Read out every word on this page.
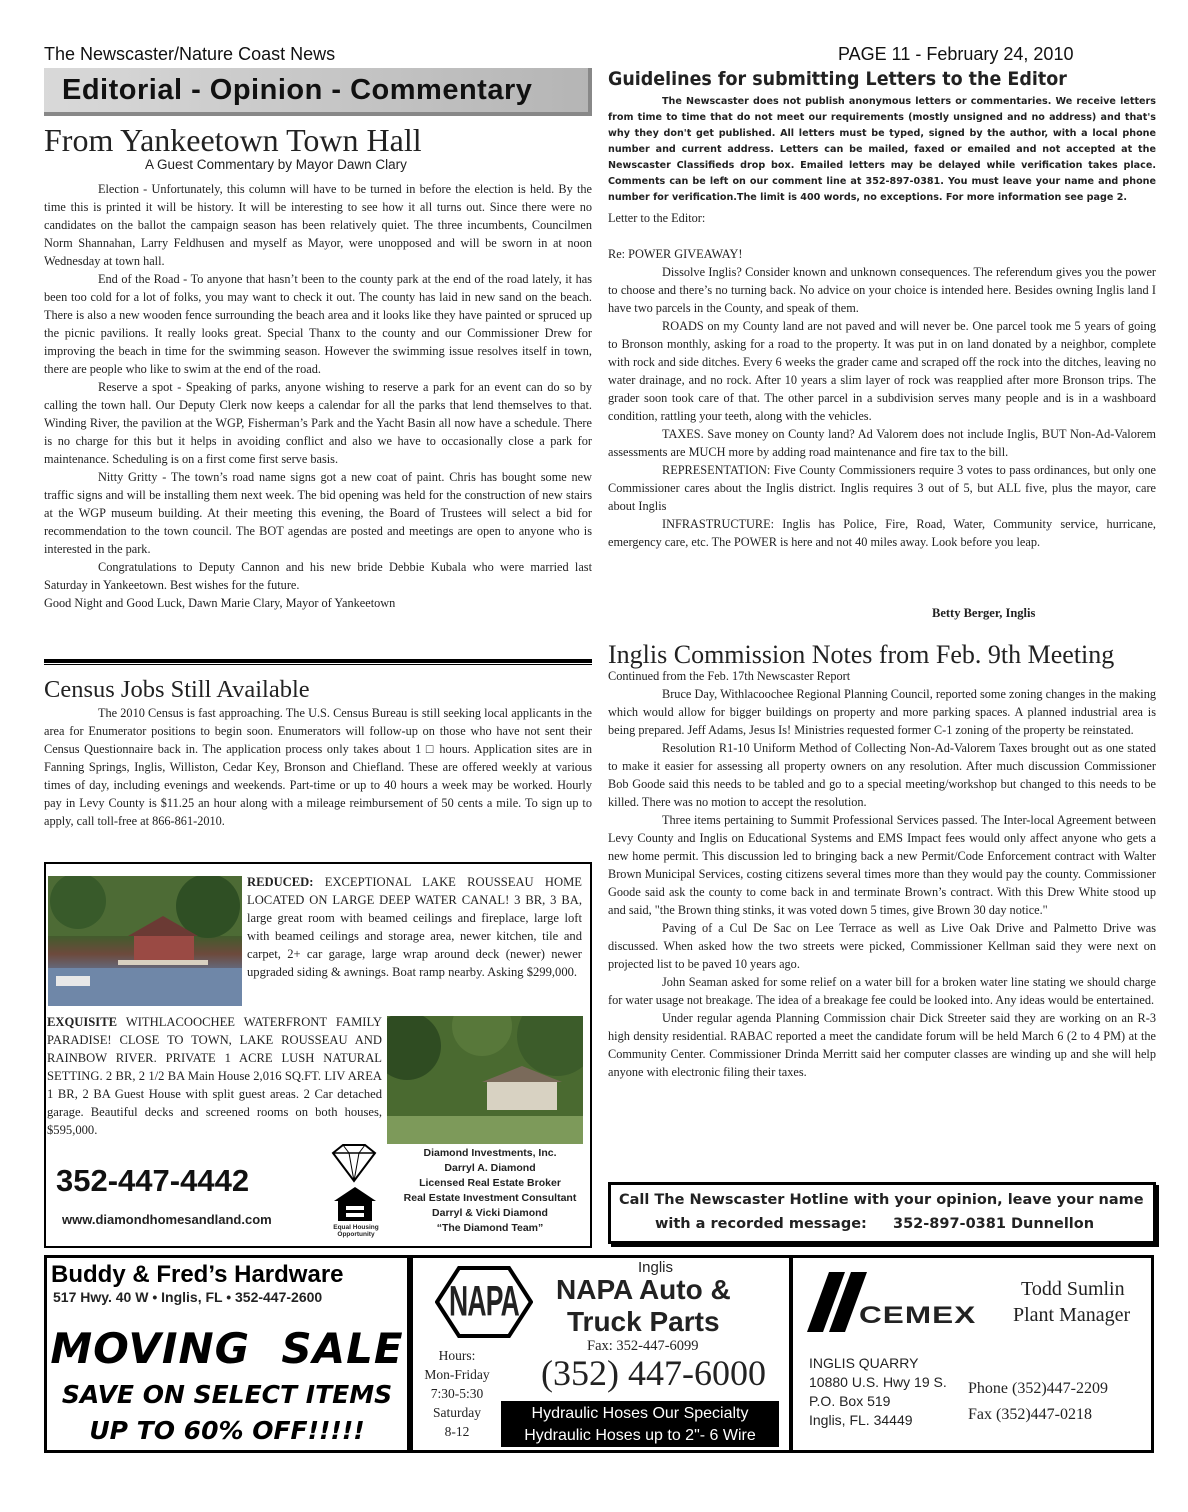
The Newscaster/Nature Coast News	PAGE 11 - February 24, 2010
Editorial - Opinion - Commentary
From Yankeetown Town Hall
A Guest Commentary by Mayor Dawn Clary

Election - Unfortunately, this column will have to be turned in before the election is held. By the time this is printed it will be history. It will be interesting to see how it all turns out. Since there were no candidates on the ballot the campaign season has been relatively quiet. The three incumbents, Councilmen Norm Shannahan, Larry Feldhusen and myself as Mayor, were unopposed and will be sworn in at noon Wednesday at town hall.

End of the Road - To anyone that hasn’t been to the county park at the end of the road lately, it has been too cold for a lot of folks, you may want to check it out. The county has laid in new sand on the beach. There is also a new wooden fence surrounding the beach area and it looks like they have painted or spruced up the picnic pavilions. It really looks great. Special Thanx to the county and our Commissioner Drew for improving the beach in time for the swimming season. However the swimming issue resolves itself in town, there are people who like to swim at the end of the road.

Reserve a spot - Speaking of parks, anyone wishing to reserve a park for an event can do so by calling the town hall. Our Deputy Clerk now keeps a calendar for all the parks that lend themselves to that. Winding River, the pavilion at the WGP, Fisherman’s Park and the Yacht Basin all now have a schedule. There is no charge for this but it helps in avoiding conflict and also we have to occasionally close a park for maintenance. Scheduling is on a first come first serve basis.

Nitty Gritty - The town’s road name signs got a new coat of paint. Chris has bought some new traffic signs and will be installing them next week. The bid opening was held for the construction of new stairs at the WGP museum building. At their meeting this evening, the Board of Trustees will select a bid for recommendation to the town council. The BOT agendas are posted and meetings are open to anyone who is interested in the park.

Congratulations to Deputy Cannon and his new bride Debbie Kubala who were married last Saturday in Yankeetown. Best wishes for the future.

Good Night and Good Luck, Dawn Marie Clary, Mayor of Yankeetown

Census Jobs Still Available

The 2010 Census is fast approaching. The U.S. Census Bureau is still seeking local applicants in the area for Enumerator positions to begin soon. Enumerators will follow-up on those who have not sent their Census Questionnaire back in. The application process only takes about 1 □ hours. Application sites are in Fanning Springs, Inglis, Williston, Cedar Key, Bronson and Chiefland. These are offered weekly at various times of day, including evenings and weekends. Part-time or up to 40 hours a week may be worked. Hourly pay in Levy County is $11.25 an hour along with a mileage reimbursement of 50 cents a mile. To sign up to apply, call toll-free at 866-861-2010.

REDUCED: EXCEPTIONAL LAKE ROUSSEAU HOME LOCATED ON LARGE DEEP WATER CANAL! 3 BR, 3 BA, large great room with beamed ceilings and fireplace, large loft with beamed ceilings and storage area, newer kitchen, tile and carpet, 2+ car garage, large wrap around deck (newer) newer upgraded siding & awnings. Boat ramp nearby. Asking $299,000.

EXQUISITE WITHLACOOCHEE WATERFRONT FAMILY PARADISE! CLOSE TO TOWN, LAKE ROUSSEAU AND RAINBOW RIVER. PRIVATE 1 ACRE LUSH NATURAL SETTING. 2 BR, 2 1/2 BA Main House 2,016 SQ.FT. LIV AREA 1 BR, 2 BA Guest House with split guest areas. 2 Car detached garage. Beautiful decks and screened rooms on both houses, $595,000.

352-447-4442
www.diamondhomesandland.com
Equal Housing Opportunity
Diamond Investments, Inc.
Darryl A. Diamond
Licensed Real Estate Broker
Real Estate Investment Consultant
Darryl & Vicki Diamond
“The Diamond Team”
Guidelines for submitting Letters to the Editor

The Newscaster does not publish anonymous letters or commentaries. We receive letters from time to time that do not meet our requirements (mostly unsigned and no address) and that's why they don't get published. All letters must be typed, signed by the author, with a local phone number and current address. Letters can be mailed, faxed or emailed and not accepted at the Newscaster Classifieds drop box. Emailed letters may be delayed while verification takes place. Comments can be left on our comment line at 352-897-0381. You must leave your name and phone number for verification.The limit is 400 words, no exceptions. For more information see page 2.

Letter to the Editor:

Re: POWER GIVEAWAY!

Dissolve Inglis? Consider known and unknown consequences. The referendum gives you the power to choose and there’s no turning back. No advice on your choice is intended here. Besides owning Inglis land I have two parcels in the County, and speak of them.

ROADS on my County land are not paved and will never be. One parcel took me 5 years of going to Bronson monthly, asking for a road to the property. It was put in on land donated by a neighbor, complete with rock and side ditches. Every 6 weeks the grader came and scraped off the rock into the ditches, leaving no water drainage, and no rock. After 10 years a slim layer of rock was reapplied after more Bronson trips. The grader soon took care of that. The other parcel in a subdivision serves many people and is in a washboard condition, rattling your teeth, along with the vehicles.

TAXES. Save money on County land? Ad Valorem does not include Inglis, BUT Non-Ad-Valorem assessments are MUCH more by adding road maintenance and fire tax to the bill.

REPRESENTATION: Five County Commissioners require 3 votes to pass ordinances, but only one Commissioner cares about the Inglis district. Inglis requires 3 out of 5, but ALL five, plus the mayor, care about Inglis

INFRASTRUCTURE: Inglis has Police, Fire, Road, Water, Community service, hurricane, emergency care, etc. The POWER is here and not 40 miles away. Look before you leap.

Betty Berger, Inglis
Inglis Commission Notes from Feb. 9th Meeting
Continued from the Feb. 17th Newscaster Report

Bruce Day, Withlacoochee Regional Planning Council, reported some zoning changes in the making which would allow for bigger buildings on property and more parking spaces. A planned industrial area is being prepared. Jeff Adams, Jesus Is! Ministries requested former C-1 zoning of the property be reinstated.

Resolution R1-10 Uniform Method of Collecting Non-Ad-Valorem Taxes brought out as one stated to make it easier for assessing all property owners on any resolution. After much discussion Commissioner Bob Goode said this needs to be tabled and go to a special meeting/workshop but changed to this needs to be killed. There was no motion to accept the resolution.

Three items pertaining to Summit Professional Services passed. The Inter-local Agreement between Levy County and Inglis on Educational Systems and EMS Impact fees would only affect anyone who gets a new home permit. This discussion led to bringing back a new Permit/Code Enforcement contract with Walter Brown Municipal Services, costing citizens several times more than they would pay the county. Commissioner Goode said ask the county to come back in and terminate Brown’s contract. With this Drew White stood up and said, "the Brown thing stinks, it was voted down 5 times, give Brown 30 day notice."

Paving of a Cul De Sac on Lee Terrace as well as Live Oak Drive and Palmetto Drive was discussed. When asked how the two streets were picked, Commissioner Kellman said they were next on projected list to be paved 10 years ago.

John Seaman asked for some relief on a water bill for a broken water line stating we should charge for water usage not breakage. The idea of a breakage fee could be looked into. Any ideas would be entertained.

Under regular agenda Planning Commission chair Dick Streeter said they are working on an R-3 high density residential. RABAC reported a meet the candidate forum will be held March 6 (2 to 4 PM) at the Community Center. Commissioner Drinda Merritt said her computer classes are winding up and she will help anyone with electronic filing their taxes.

Call The Newscaster Hotline with your opinion, leave your name
with a recorded message: 352-897-0381 Dunnellon
Buddy & Fred’s Hardware
517 Hwy. 40 W • Inglis, FL • 352-447-2600
MOVING  SALE
SAVE ON SELECT ITEMS
UP TO 60% OFF!!!!!
NAPA
Inglis
NAPA Auto &
Truck Parts
Fax: 352-447-6099
(352) 447-6000
Hours:
Mon-Friday
7:30-5:30
Saturday
8-12
Hydraulic Hoses Our Specialty
Hydraulic Hoses up to 2"- 6 Wire
CEMEX
Todd Sumlin
Plant Manager
INGLIS QUARRY
10880 U.S. Hwy 19 S.
P.O. Box 519
Inglis, FL. 34449
Phone (352)447-2209
Fax (352)447-0218
